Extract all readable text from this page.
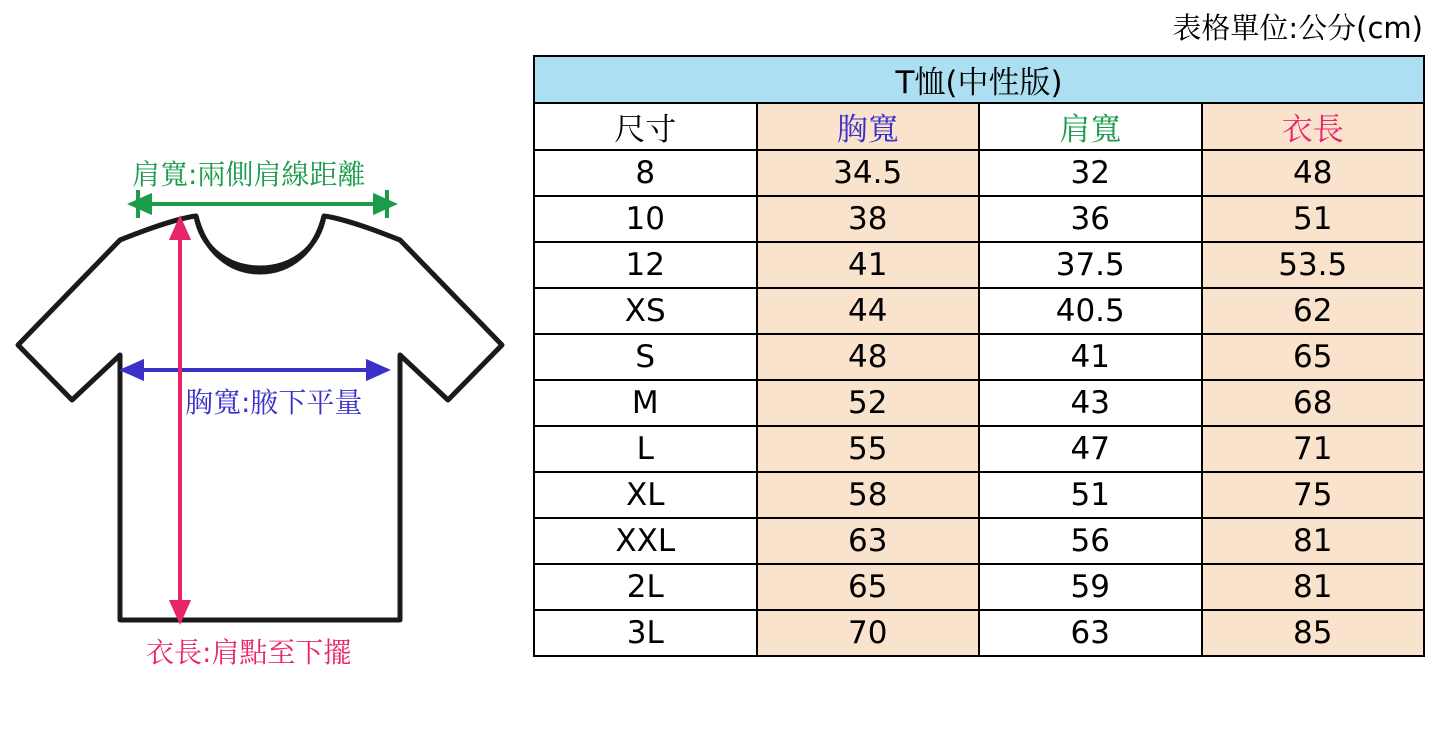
肩寬:兩側肩線距離
胸寬:腋下平量
衣長:肩點至下擺
表格單位:公分(cm)
T恤(中性版)			
尺寸	胸寬	肩寬	衣長
8	34.5	32	48
10	38	36	51
12	41	37.5	53.5
XS	44	40.5	62
S	48	41	65
M	52	43	68
L	55	47	71
XL	58	51	75
XXL	63	56	81
2L	65	59	81
3L	70	63	85
